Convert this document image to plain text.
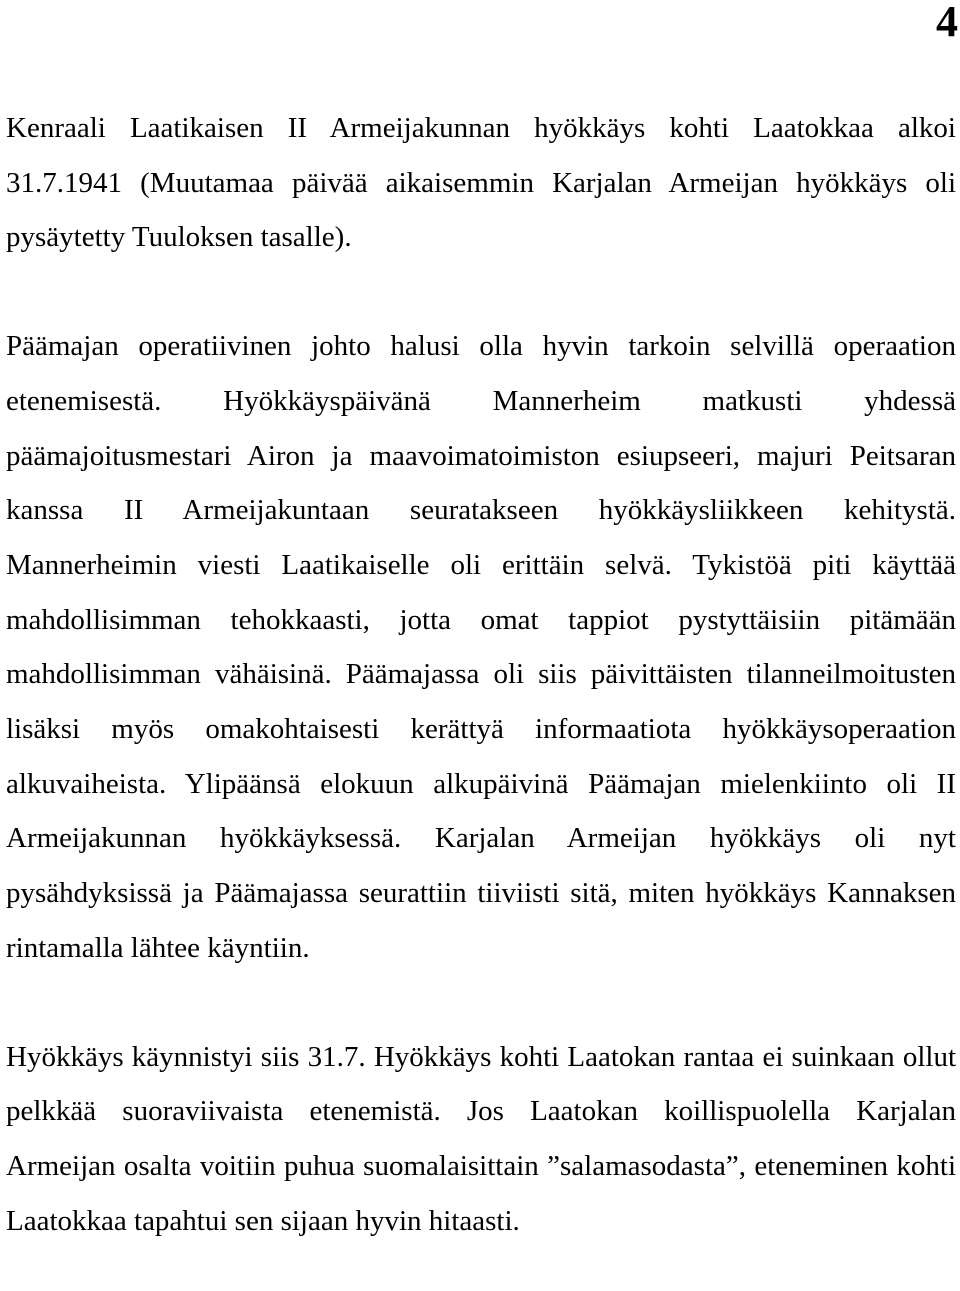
4

Kenraali Laatikaisen II Armeijakunnan hyökkäys kohti Laatokkaa alkoi 31.7.1941 (Muutamaa päivää aikaisemmin Karjalan Armeijan hyökkäys oli pysäytetty Tuuloksen tasalle).

Päämajan operatiivinen johto halusi olla hyvin tarkoin selvillä operaation etenemisestä. Hyökkäyspäivänä Mannerheim matkusti yhdessä päämajoitusmestari Airon ja maavoimatoimiston esiupseeri, majuri Peitsaran kanssa II Armeijakuntaan seuratakseen hyökkäysliikkeen kehitystä. Mannerheimin viesti Laatikaiselle oli erittäin selvä. Tykistöä piti käyttää mahdollisimman tehokkaasti, jotta omat tappiot pystyttäisiin pitämään mahdollisimman vähäisinä. Päämajassa oli siis päivittäisten tilanneilmoitusten lisäksi myös omakohtaisesti kerättyä informaatiota hyökkäysoperaation alkuvaiheista. Ylipäänsä elokuun alkupäivinä Päämajan mielenkiinto oli II Armeijakunnan hyökkäyksessä. Karjalan Armeijan hyökkäys oli nyt pysähdyksissä ja Päämajassa seurattiin tiiviisti sitä, miten hyökkäys Kannaksen rintamalla lähtee käyntiin.

Hyökkäys käynnistyi siis 31.7. Hyökkäys kohti Laatokan rantaa ei suinkaan ollut pelkkää suoraviivaista etenemistä. Jos Laatokan koillispuolella Karjalan Armeijan osalta voitiin puhua suomalaisittain ”salamasodasta”, eteneminen kohti Laatokkaa tapahtui sen sijaan hyvin hitaasti.
